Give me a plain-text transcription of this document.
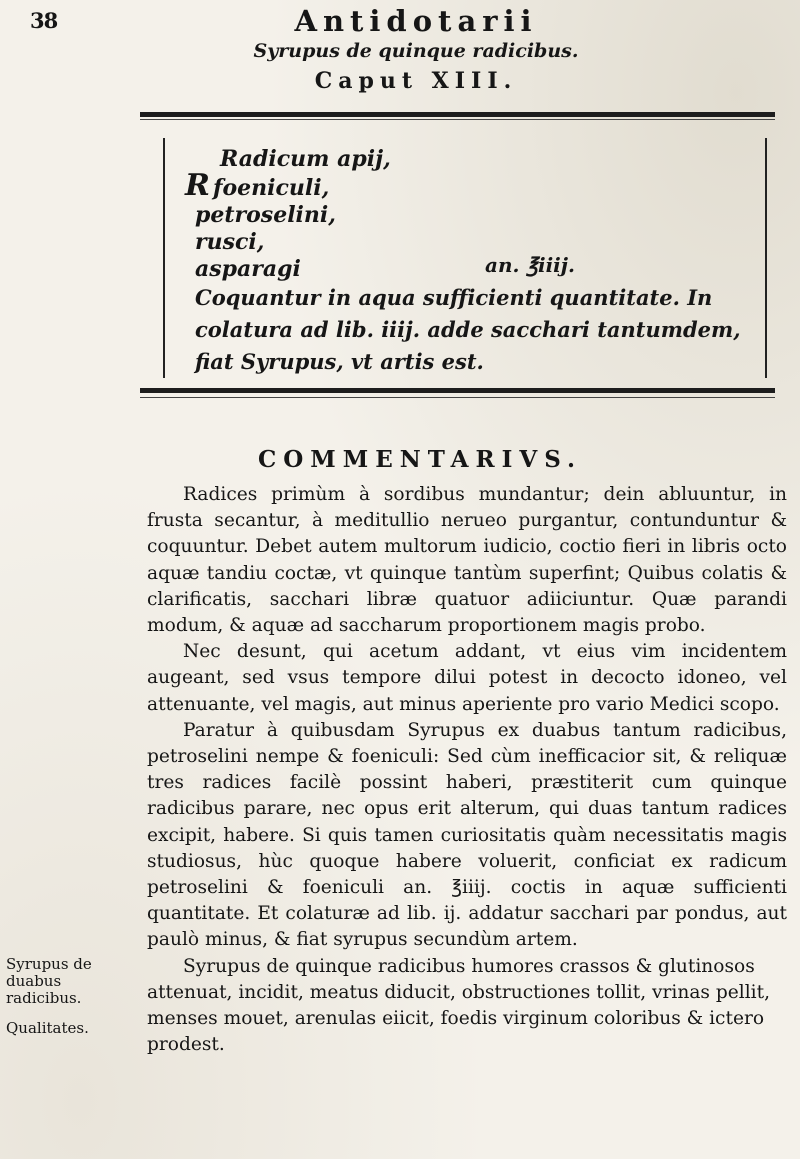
38	Antidotarii
Syrupus de quinque radicibus.
Caput XIII.
R
Radicum apij,
foeniculi,
petroselini,
rusci,
asparagi	an. ℥iiij.
Coquantur in aqua sufficienti quantitate. In colatura ad lib. iiij. adde sacchari tantumdem, fiat Syrupus, vt artis est.
COMMENTARIVS.

Radices primùm à sordibus mundantur; dein abluuntur, in frusta secantur, à meditullio nerueo purgantur, contunduntur & coquuntur. Debet autem multorum iudicio, coctio fieri in libris octo aquæ tandiu coctæ, vt quinque tantùm superfint; Quibus colatis & clarificatis, sacchari libræ quatuor adiiciuntur. Quæ parandi modum, & aquæ ad saccharum proportionem magis probo.

Nec desunt, qui acetum addant, vt eius vim incidentem augeant, sed vsus tempore dilui potest in decocto idoneo, vel attenuante, vel magis, aut minus aperiente pro vario Medici scopo.

Paratur à quibusdam Syrupus ex duabus tantum radicibus, petroselini nempe & foeniculi: Sed cùm inefficacior sit, & reliquæ tres radices facilè possint haberi, præstiterit cum quinque radicibus parare, nec opus erit alterum, qui duas tantum radices excipit, habere. Si quis tamen curiositatis quàm necessitatis magis studiosus, hùc quoque habere voluerit, conficiat ex radicum petroselini & foeniculi an. ℥iiij. coctis in aquæ sufficienti quantitate. Et colaturæ ad lib. ij. addatur sacchari par pondus, aut paulò minus, & fiat syrupus secundùm artem.

Syrupus de quinque radicibus humores crassos & glutinosos attenuat, incidit, meatus diducit, obstructiones tollit, vrinas pellit, menses mouet, arenulas eiicit, foedis virginum coloribus & ictero prodest.

Syrupus de duabus radicibus.
Qualitates.
